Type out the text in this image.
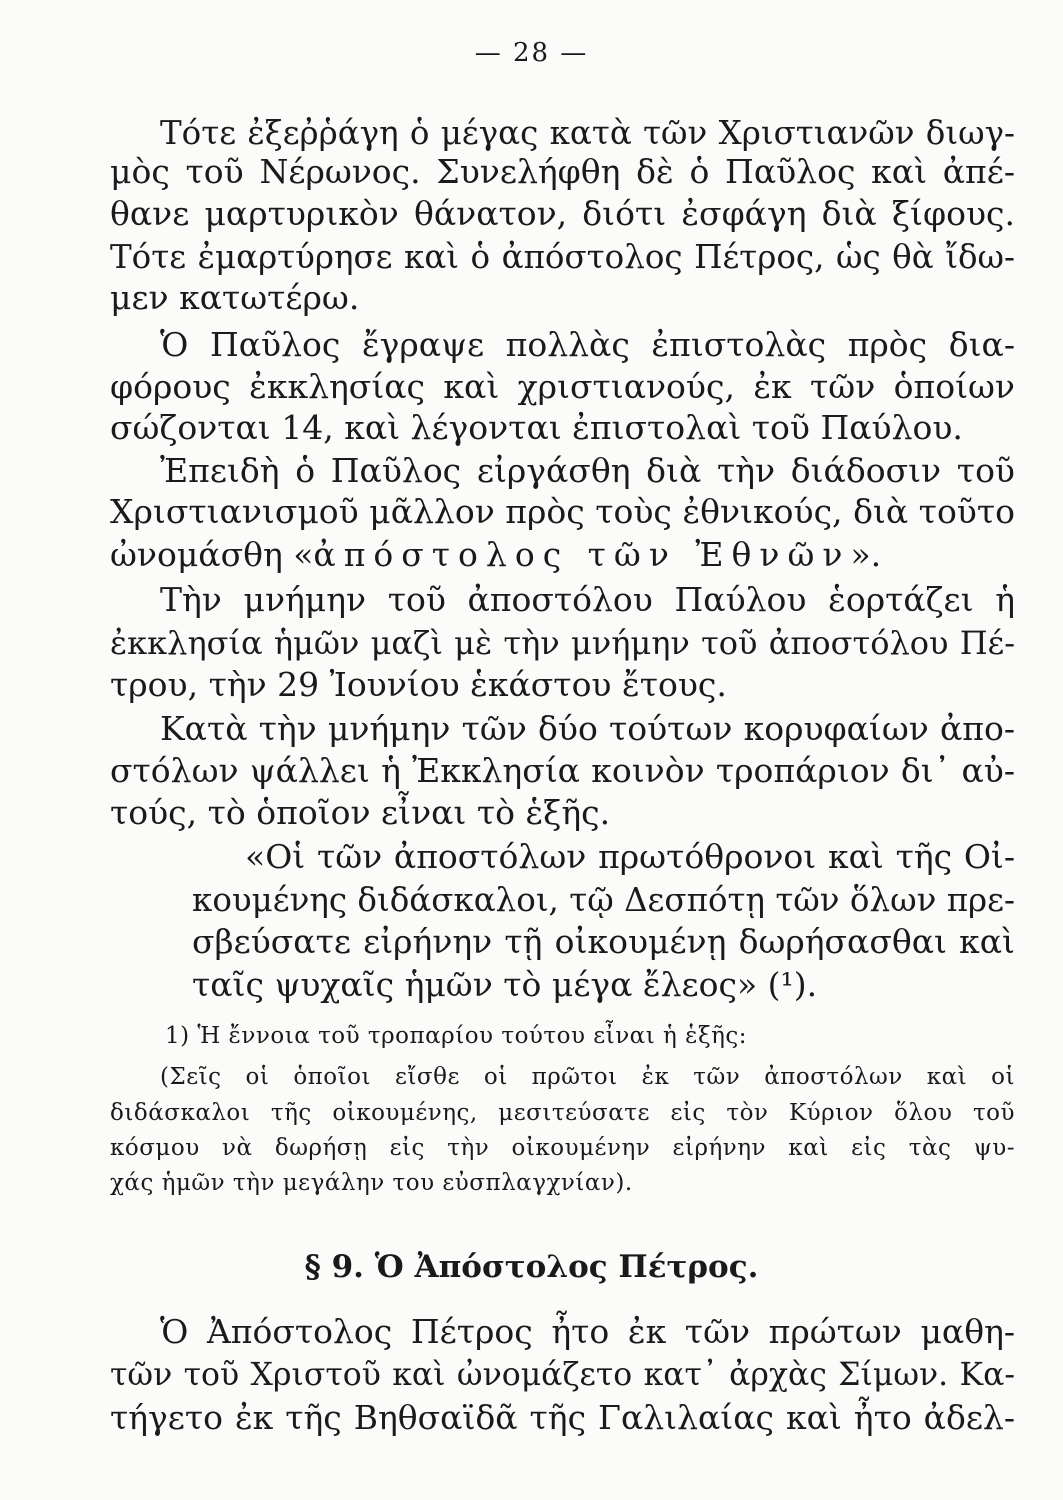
— 28 —
Τότε ἐξεῤῥάγη ὁ μέγας κατὰ τῶν Χριστιανῶν διωγ-
μὸς τοῦ Νέρωνος. Συνελήφθη δὲ ὁ Παῦλος καὶ ἀπέ-
θανε μαρτυρικὸν θάνατον, διότι ἐσφάγη διὰ ξίφους.
Τότε ἐμαρτύρησε καὶ ὁ ἀπόστολος Πέτρος, ὡς θὰ ἴδω-
μεν κατωτέρω.
Ὁ Παῦλος ἔγραψε πολλὰς ἐπιστολὰς πρὸς δια-
φόρους ἐκκλησίας καὶ χριστιανούς, ἐκ τῶν ὁποίων
σώζονται 14, καὶ λέγονται ἐπιστολαὶ τοῦ Παύλου.
Ἐπειδὴ ὁ Παῦλος εἰργάσθη διὰ τὴν διάδοσιν τοῦ
Χριστιανισμοῦ μᾶλλον πρὸς τοὺς ἐθνικούς, διὰ τοῦτο
ὠνομάσθη «ἀπόστολος τῶν Ἐθνῶν».
Τὴν μνήμην τοῦ ἀποστόλου Παύλου ἑορτάζει ἡ
ἐκκλησία ἡμῶν μαζὶ μὲ τὴν μνήμην τοῦ ἀποστόλου Πέ-
τρου, τὴν 29 Ἰουνίου ἑκάστου ἔτους.
Κατὰ τὴν μνήμην τῶν δύο τούτων κορυφαίων ἀπο-
στόλων ψάλλει ἡ Ἐκκλησία κοινὸν τροπάριον δι᾽ αὐ-
τούς, τὸ ὁποῖον εἶναι τὸ ἑξῆς.
«Οἱ τῶν ἀποστόλων πρωτόθρονοι καὶ τῆς Οἰ-
κουμένης διδάσκαλοι, τῷ Δεσπότῃ τῶν ὅλων πρε-
σβεύσατε εἰρήνην τῇ οἰκουμένῃ δωρήσασθαι καὶ
ταῖς ψυχαῖς ἡμῶν τὸ μέγα ἔλεος» (¹).
1) Ἡ ἔννοια τοῦ τροπαρίου τούτου εἶναι ἡ ἑξῆς:
(Σεῖς οἱ ὁποῖοι εἴσθε οἱ πρῶτοι ἐκ τῶν ἀποστόλων καὶ οἱ
διδάσκαλοι τῆς οἰκουμένης, μεσιτεύσατε εἰς τὸν Κύριον ὅλου τοῦ
κόσμου νὰ δωρήσῃ εἰς τὴν οἰκουμένην εἰρήνην καὶ εἰς τὰς ψυ-
χάς ἡμῶν τὴν μεγάλην του εὐσπλαγχνίαν).
§ 9. Ὁ Ἀπόστολος Πέτρος.
Ὁ Ἀπόστολος Πέτρος ἦτο ἐκ τῶν πρώτων μαθη-
τῶν τοῦ Χριστοῦ καὶ ὠνομάζετο κατ᾽ ἀρχὰς Σίμων. Κα-
τήγετο ἐκ τῆς Βηθσαϊδᾶ τῆς Γαλιλαίας καὶ ἦτο ἀδελ-
